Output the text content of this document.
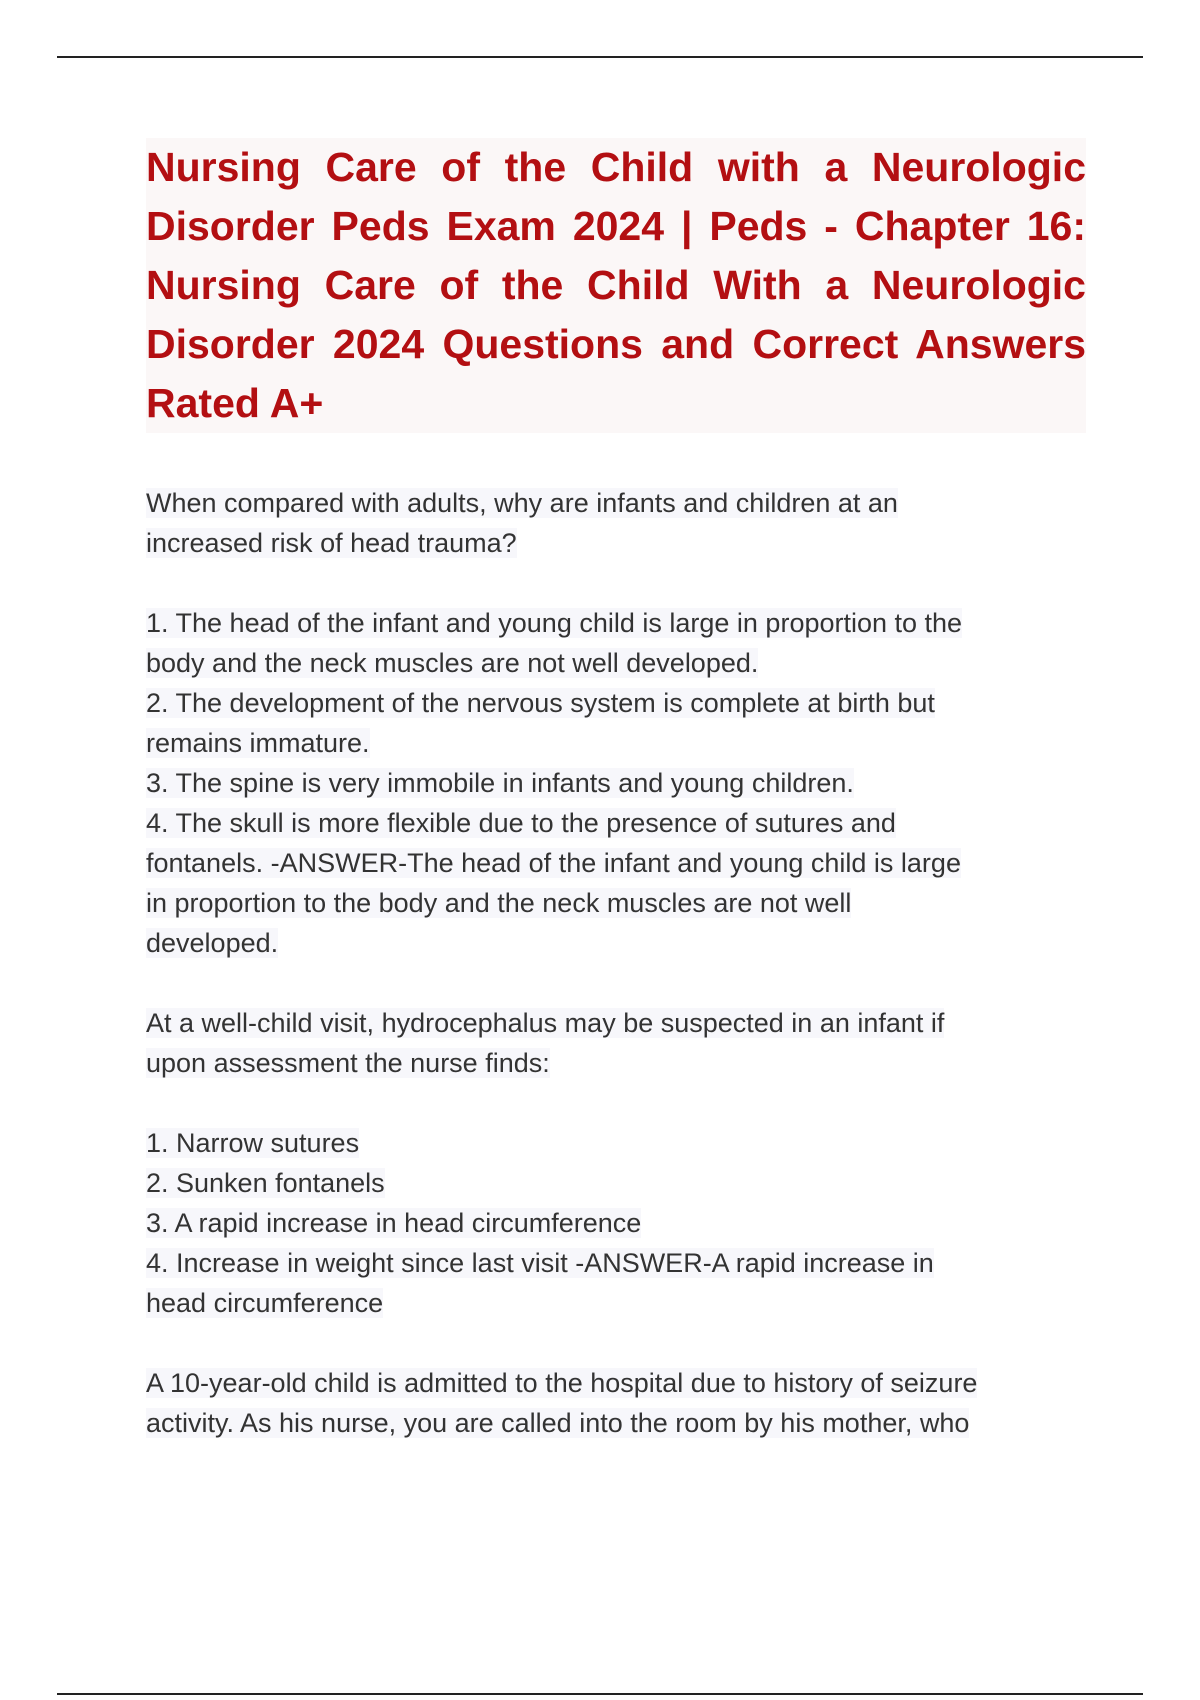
Nursing Care of the Child with a Neurologic Disorder Peds Exam 2024 | Peds - Chapter 16: Nursing Care of the Child With a Neurologic Disorder 2024 Questions and Correct Answers Rated A+
When compared with adults, why are infants and children at an
increased risk of head trauma?
1. The head of the infant and young child is large in proportion to the
body and the neck muscles are not well developed.
2. The development of the nervous system is complete at birth but
remains immature.
3. The spine is very immobile in infants and young children.
4. The skull is more flexible due to the presence of sutures and
fontanels. -ANSWER-The head of the infant and young child is large
in proportion to the body and the neck muscles are not well
developed.
At a well-child visit, hydrocephalus may be suspected in an infant if
upon assessment the nurse finds:
1. Narrow sutures
2. Sunken fontanels
3. A rapid increase in head circumference
4. Increase in weight since last visit -ANSWER-A rapid increase in
head circumference
A 10-year-old child is admitted to the hospital due to history of seizure
activity. As his nurse, you are called into the room by his mother, who
